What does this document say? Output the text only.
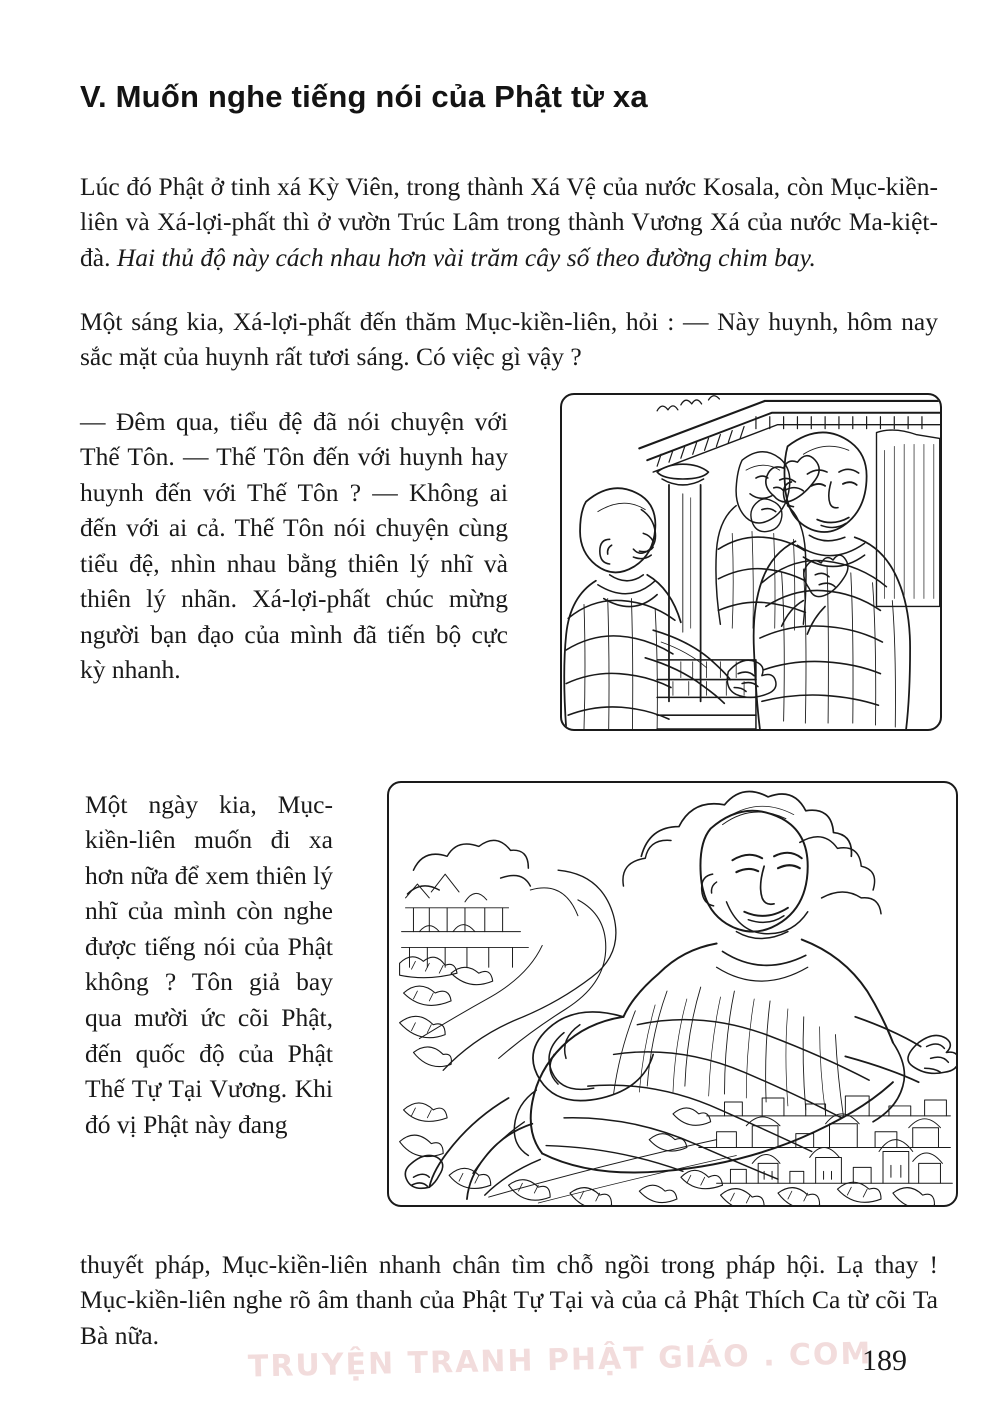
V. Muốn nghe tiếng nói của Phật từ xa

Lúc đó Phật ở tinh xá Kỳ Viên, trong thành Xá Vệ của nước Kosala, còn Mục-kiền-liên và Xá-lợi-phất thì ở vườn Trúc Lâm trong thành Vương Xá của nước Ma-kiệt-đà. Hai thủ độ này cách nhau hơn vài trăm cây số theo đường chim bay.

Một sáng kia, Xá-lợi-phất đến thăm Mục-kiền-liên, hỏi : — Này huynh, hôm nay sắc mặt của huynh rất tươi sáng. Có việc gì vậy ?

— Đêm qua, tiểu đệ đã nói chuyện với Thế Tôn. — Thế Tôn đến với huynh hay huynh đến với Thế Tôn ? — Không ai đến với ai cả. Thế Tôn nói chuyện cùng tiểu đệ, nhìn nhau bằng thiên lý nhĩ và thiên lý nhãn. Xá-lợi-phất chúc mừng người bạn đạo của mình đã tiến bộ cực kỳ nhanh.

Một ngày kia, Mục-kiền-liên muốn đi xa hơn nữa để xem thiên lý nhĩ của mình còn nghe được tiếng nói của Phật không ? Tôn giả bay qua mười ức cõi Phật, đến quốc độ của Phật Thế Tự Tại Vương. Khi đó vị Phật này đang

thuyết pháp, Mục-kiền-liên nhanh chân tìm chỗ ngồi trong pháp hội. Lạ thay ! Mục-kiền-liên nghe rõ âm thanh của Phật Tự Tại và của cả Phật Thích Ca từ cõi Ta Bà nữa.

TRUYỆN TRANH PHẬT GIÁO . COM
189
